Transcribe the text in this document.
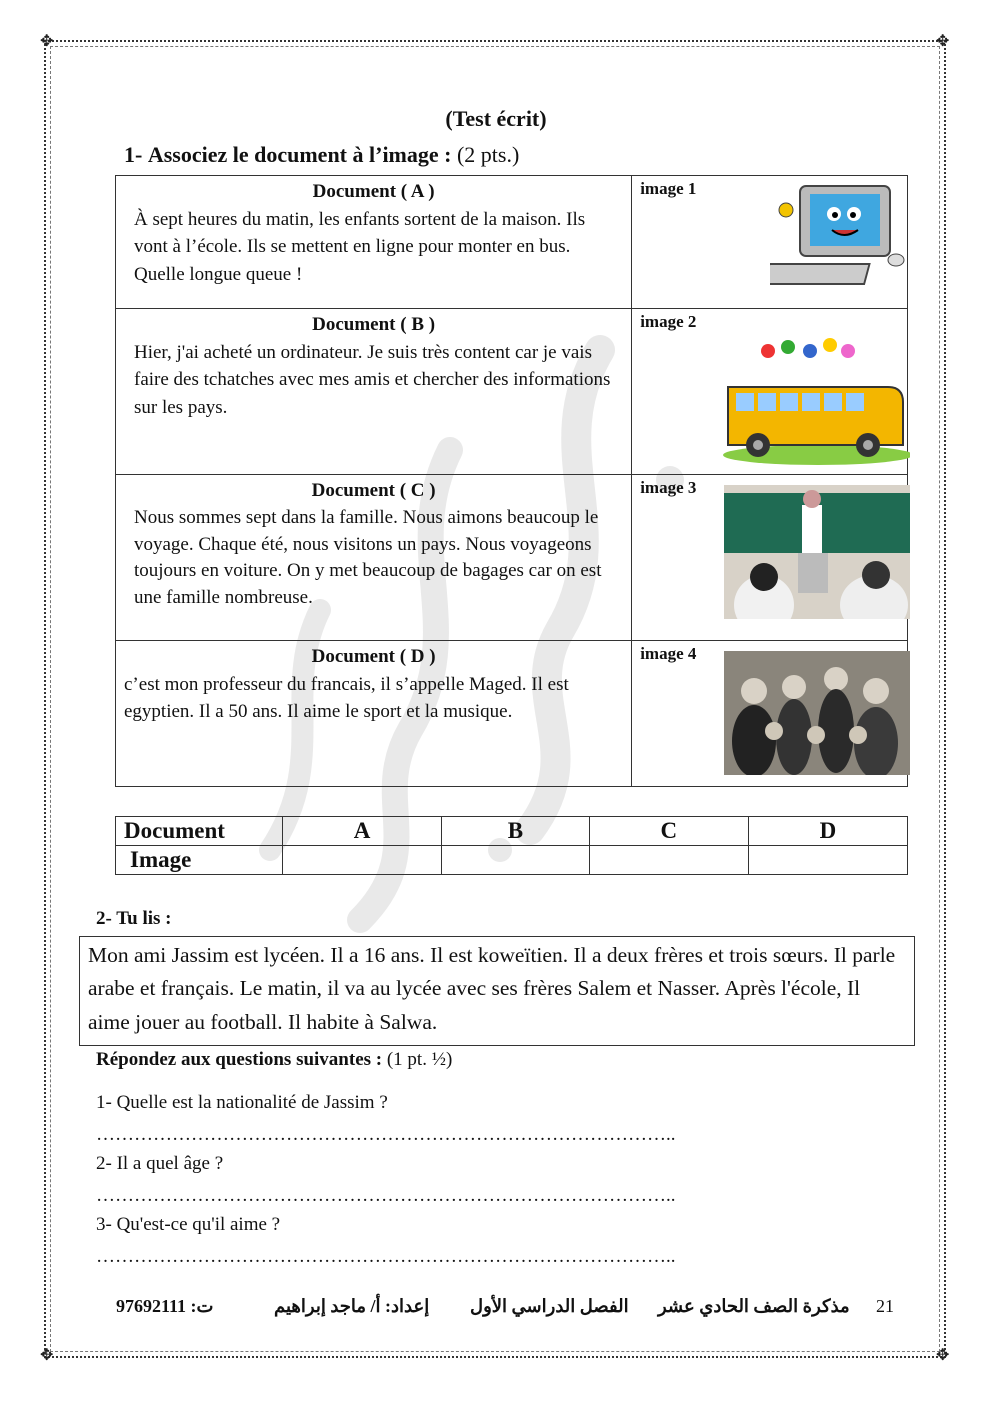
✥	✥
✥	✥
(Test écrit)
1- Associez le document à l’image : (2 pts.)
Document ( A )
À sept heures du matin, les enfants sortent de la maison. Ils vont à l’école. Ils se mettent en ligne pour monter en bus. Quelle longue queue !	image 1

Document ( B )
Hier, j'ai acheté un ordinateur. Je suis très content car je vais faire des tchatches avec mes amis et chercher des informations sur les pays.	image 2

Document ( C )
Nous sommes sept dans la famille. Nous aimons beaucoup le voyage. Chaque été, nous visitons un pays. Nous voyageons toujours en voiture. On y met beaucoup de bagages car on est une famille nombreuse.	image 3

Document ( D )
c’est mon professeur du francais, il s’appelle Maged. Il est egyptien. Il a 50 ans. Il aime le sport et la musique.	image 4
Document	A	B	C	D
Image				
2- Tu lis :
Mon ami Jassim est lycéen. Il a 16 ans. Il est koweïtien. Il a deux frères et trois sœurs. Il parle arabe et français. Le matin, il va au lycée avec ses frères Salem et Nasser. Après l'école, Il aime jouer au football. Il habite à Salwa.
Répondez aux questions suivantes : (1 pt. ½)
1- Quelle est la nationalité de Jassim ?
………………………………………………………………………………..
2- Il a quel âge ?
………………………………………………………………………………..
3- Qu'est-ce qu'il aime ?
………………………………………………………………………………..
21
مذكرة الصف الحادي عشر
الفصل الدراسي الأول
إعداد: أ/ ماجد إبراهيم
ت: 97692111
